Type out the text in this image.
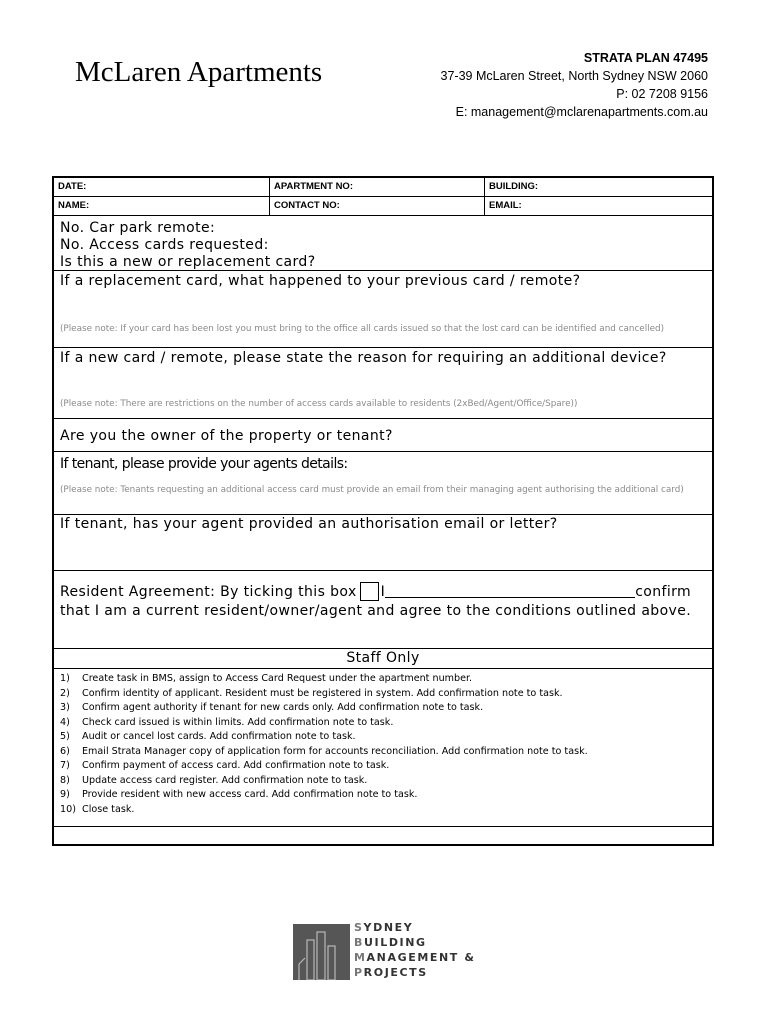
McLaren Apartments	STRATA PLAN 47495
37-39 McLaren Street, North Sydney NSW 2060
P: 02 7208 9156
E: management@mclarenapartments.com.au
DATE:	APARTMENT NO:	BUILDING:
NAME:	CONTACT NO:	EMAIL:
No. Car park remote:
No. Access cards requested:
Is this a new or replacement card?
If a replacement card, what happened to your previous card / remote?
(Please note: If your card has been lost you must bring to the office all cards issued so that the lost card can be identified and cancelled)
If a new card / remote, please state the reason for requiring an additional device?
(Please note: There are restrictions on the number of access cards available to residents (2xBed/Agent/Office/Spare))
Are you the owner of the property or tenant?
If tenant, please provide your agents details:
(Please note: Tenants requesting an additional access card must provide an email from their managing agent authorising the additional card)
If tenant, has your agent provided an authorisation email or letter?
Resident Agreement: By ticking this box I	confirm
that I am a current resident/owner/agent and agree to the conditions outlined above.
Staff Only
1)	Create task in BMS, assign to Access Card Request under the apartment number.
2)	Confirm identity of applicant. Resident must be registered in system. Add confirmation note to task.
3)	Confirm agent authority if tenant for new cards only. Add confirmation note to task.
4)	Check card issued is within limits. Add confirmation note to task.
5)	Audit or cancel lost cards. Add confirmation note to task.
6)	Email Strata Manager copy of application form for accounts reconciliation. Add confirmation note to task.
7)	Confirm payment of access card. Add confirmation note to task.
8)	Update access card register. Add confirmation note to task.
9)	Provide resident with new access card. Add confirmation note to task.
10) Close task.
SYDNEY
BUILDING
MANAGEMENT &
PROJECTS
